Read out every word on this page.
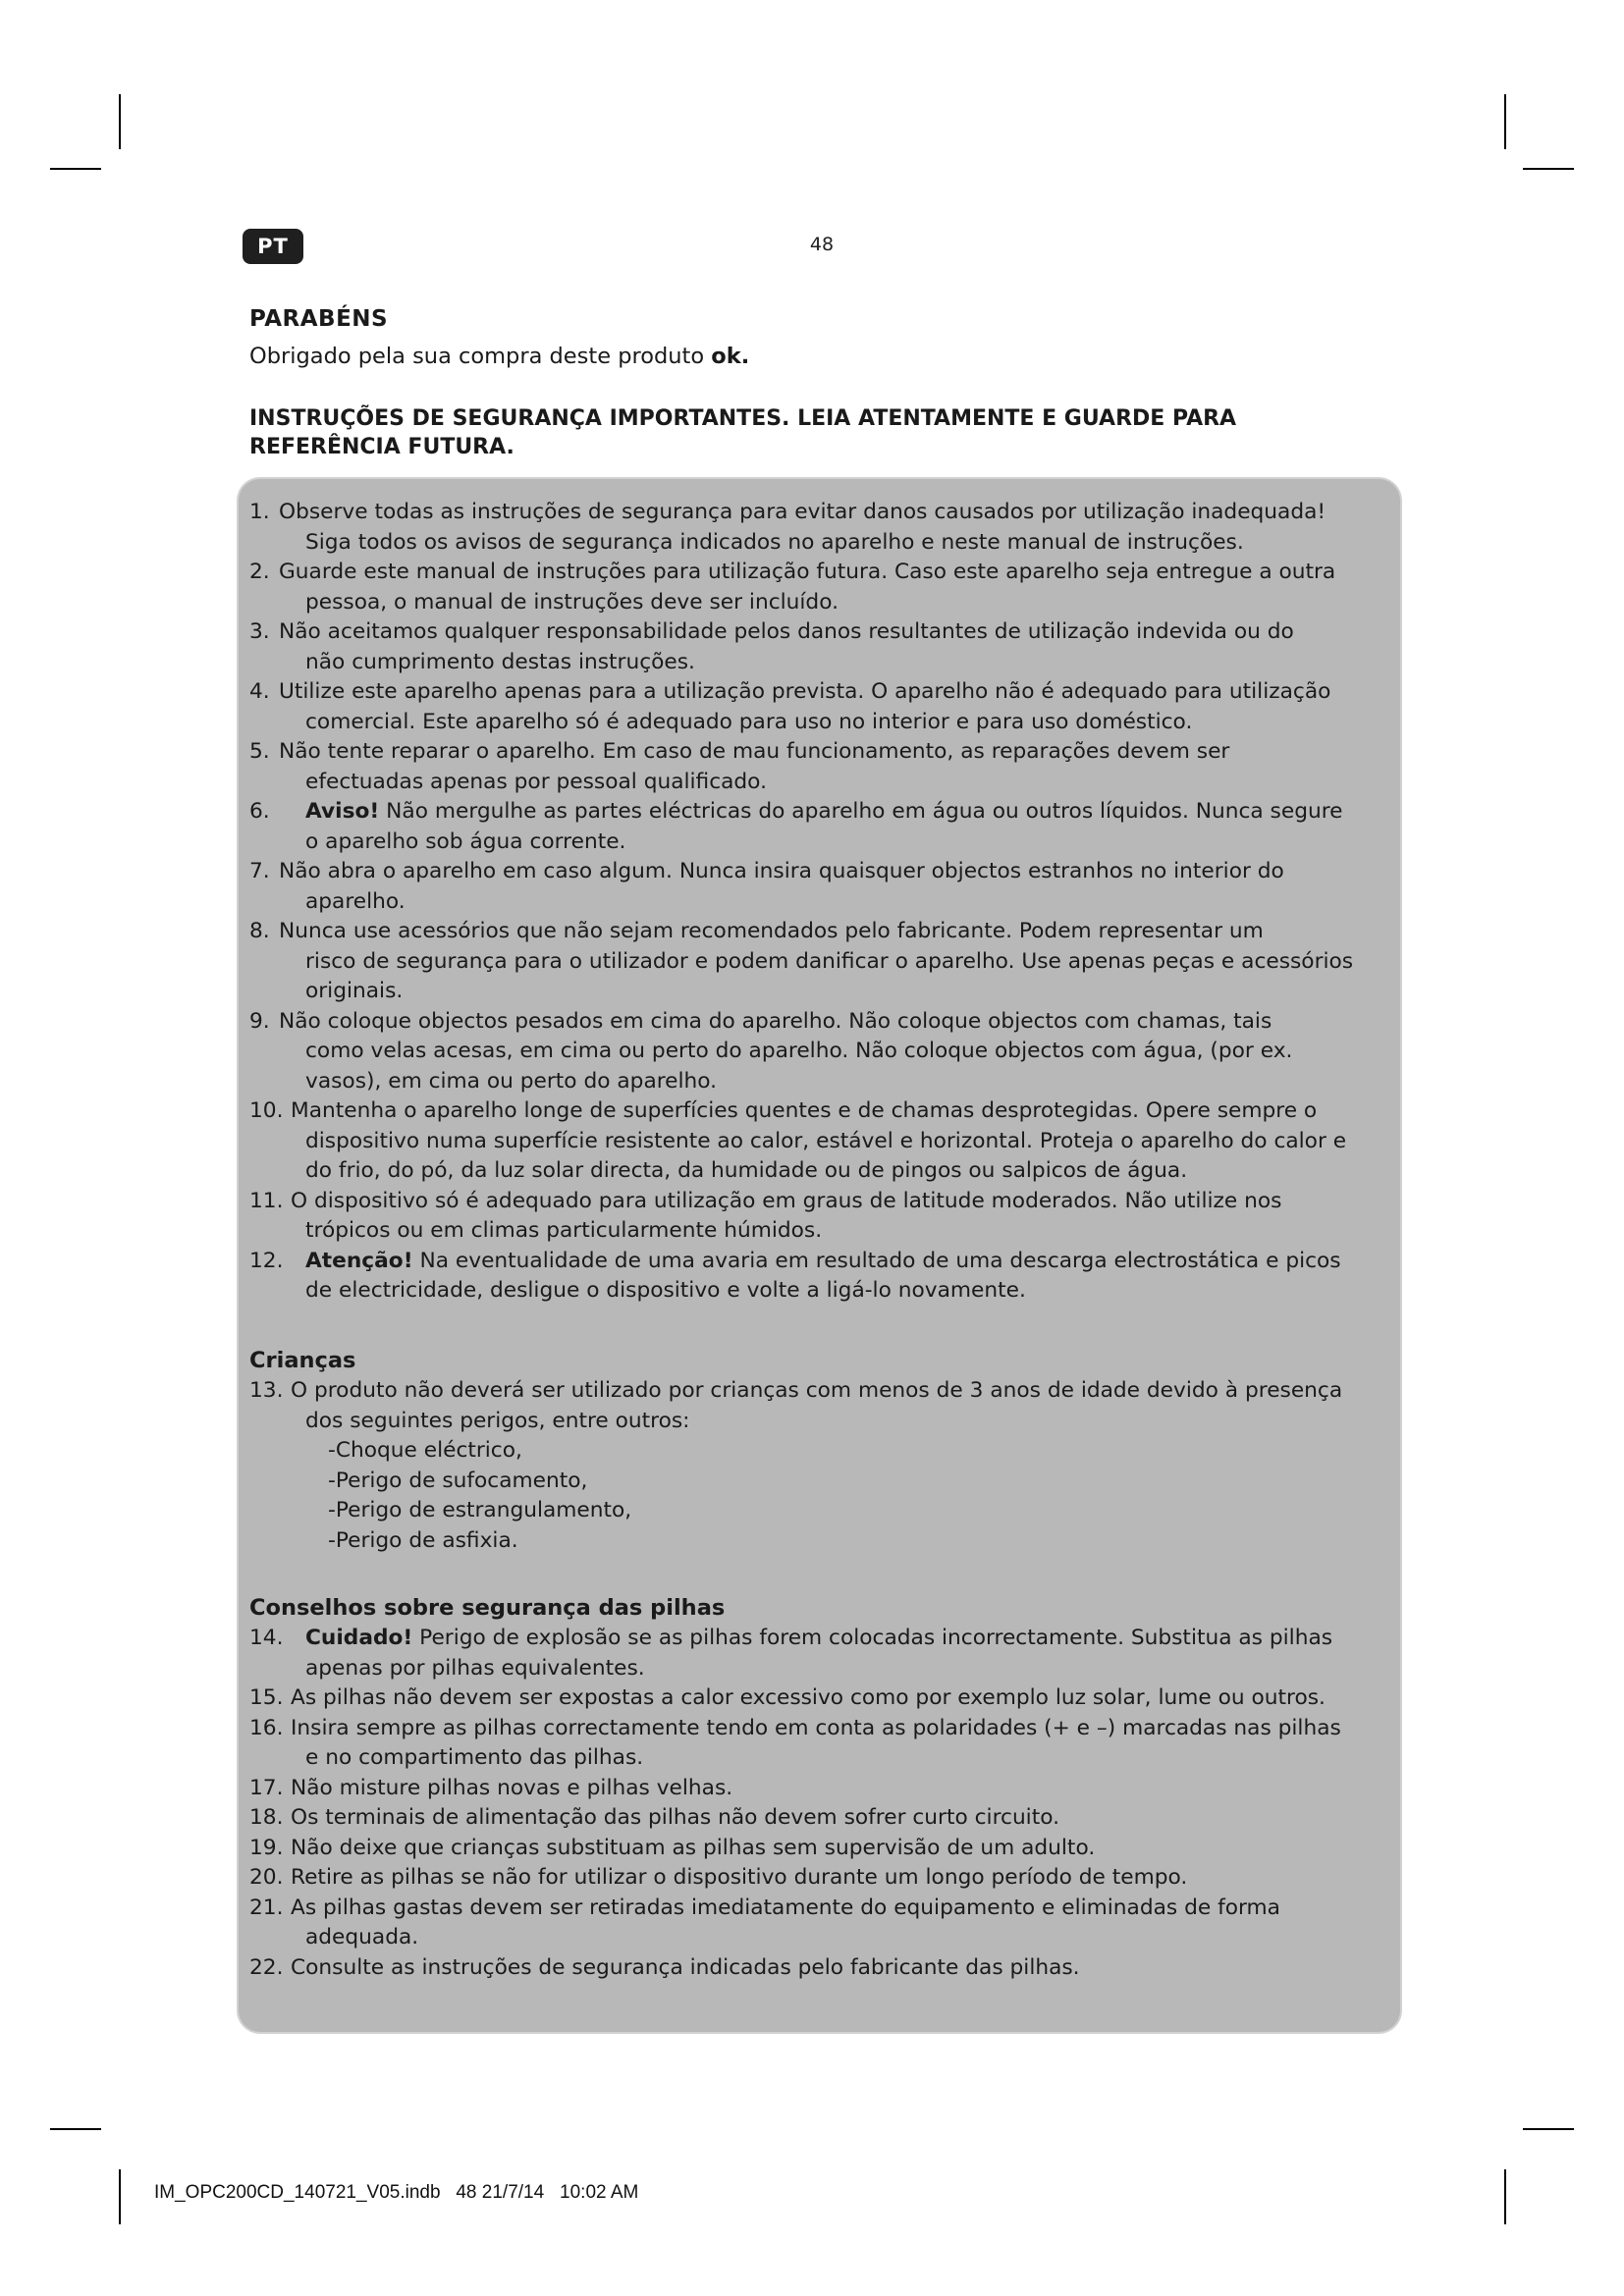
PT	48
PARABÉNS

Obrigado pela sua compra deste produto ok.

INSTRUÇÕES DE SEGURANÇA IMPORTANTES. LEIA ATENTAMENTE E GUARDE PARA REFERÊNCIA FUTURA.
1. Observe todas as instruções de segurança para evitar danos causados por utilização inadequada!
Siga todos os avisos de segurança indicados no aparelho e neste manual de instruções.
2. Guarde este manual de instruções para utilização futura. Caso este aparelho seja entregue a outra
pessoa, o manual de instruções deve ser incluído.
3. Não aceitamos qualquer responsabilidade pelos danos resultantes de utilização indevida ou do
não cumprimento destas instruções.
4. Utilize este aparelho apenas para a utilização prevista. O aparelho não é adequado para utilização
comercial. Este aparelho só é adequado para uso no interior e para uso doméstico.
5. Não tente reparar o aparelho. Em caso de mau funcionamento, as reparações devem ser
efectuadas apenas por pessoal qualificado.
6.	Aviso! Não mergulhe as partes eléctricas do aparelho em água ou outros líquidos. Nunca segure
o aparelho sob água corrente.
7. Não abra o aparelho em caso algum. Nunca insira quaisquer objectos estranhos no interior do
aparelho.
8. Nunca use acessórios que não sejam recomendados pelo fabricante. Podem representar um
risco de segurança para o utilizador e podem danificar o aparelho. Use apenas peças e acessórios
originais.
9. Não coloque objectos pesados em cima do aparelho. Não coloque objectos com chamas, tais
como velas acesas, em cima ou perto do aparelho. Não coloque objectos com água, (por ex.
vasos), em cima ou perto do aparelho.
10. Mantenha o aparelho longe de superfícies quentes e de chamas desprotegidas. Opere sempre o
dispositivo numa superfície resistente ao calor, estável e horizontal. Proteja o aparelho do calor e
do frio, do pó, da luz solar directa, da humidade ou de pingos ou salpicos de água.
11. O dispositivo só é adequado para utilização em graus de latitude moderados. Não utilize nos
trópicos ou em climas particularmente húmidos.
12.	Atenção! Na eventualidade de uma avaria em resultado de uma descarga electrostática e picos
de electricidade, desligue o dispositivo e volte a ligá-lo novamente.
Crianças
13. O produto não deverá ser utilizado por crianças com menos de 3 anos de idade devido à presença
dos seguintes perigos, entre outros:
-Choque eléctrico,
-Perigo de sufocamento,
-Perigo de estrangulamento,
-Perigo de asfixia.
Conselhos sobre segurança das pilhas
14.	Cuidado! Perigo de explosão se as pilhas forem colocadas incorrectamente. Substitua as pilhas
apenas por pilhas equivalentes.
15. As pilhas não devem ser expostas a calor excessivo como por exemplo luz solar, lume ou outros.
16. Insira sempre as pilhas correctamente tendo em conta as polaridades (+ e –) marcadas nas pilhas
e no compartimento das pilhas.
17. Não misture pilhas novas e pilhas velhas.
18. Os terminais de alimentação das pilhas não devem sofrer curto circuito.
19. Não deixe que crianças substituam as pilhas sem supervisão de um adulto.
20. Retire as pilhas se não for utilizar o dispositivo durante um longo período de tempo.
21. As pilhas gastas devem ser retiradas imediatamente do equipamento e eliminadas de forma
adequada.
22. Consulte as instruções de segurança indicadas pelo fabricante das pilhas.
IM_OPC200CD_140721_V05.indb   48 21/7/14 10:02 AM
